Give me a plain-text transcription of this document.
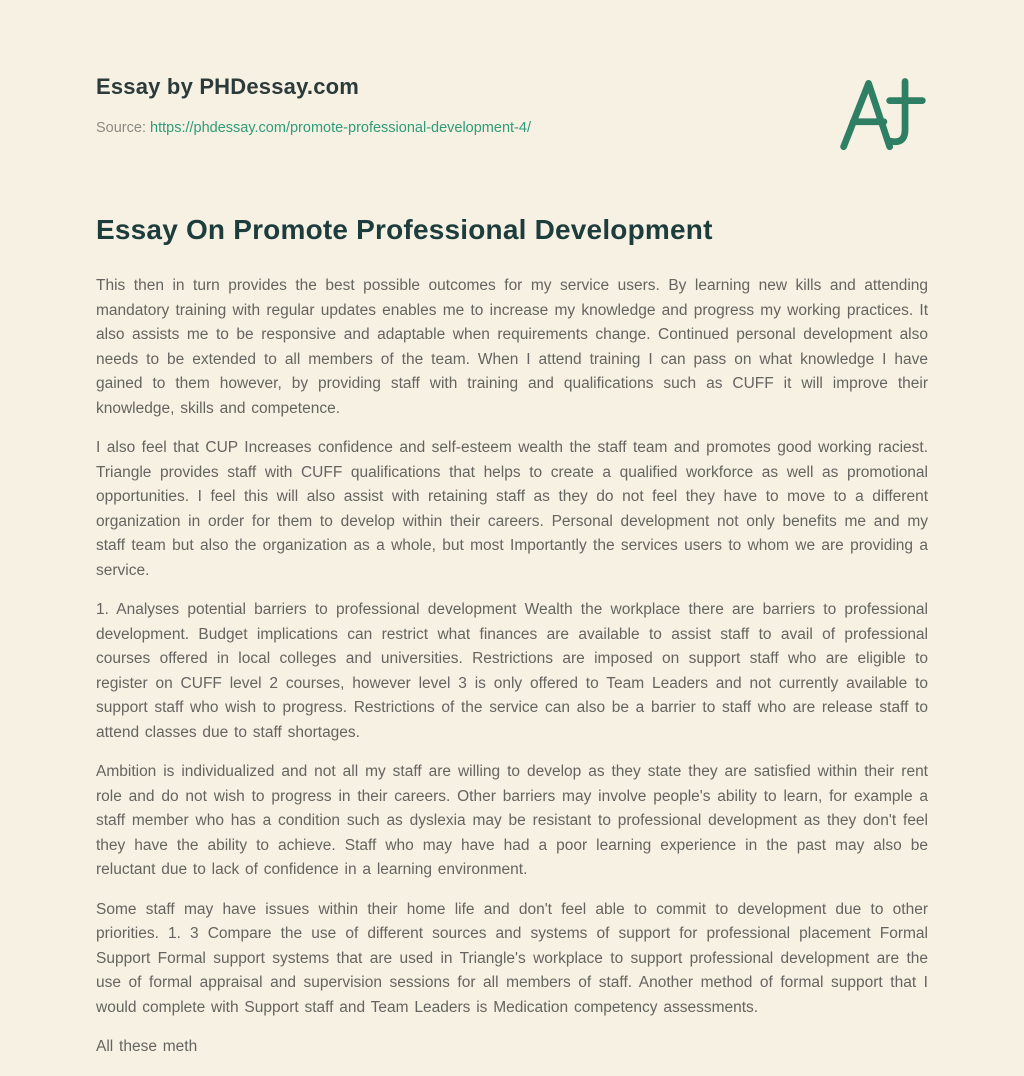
Essay by PHDessay.com

Source: https://phdessay.com/promote-professional-development-4/

Essay On Promote Professional Development

This then in turn provides the best possible outcomes for my service users. By learning new kills and attending mandatory training with regular updates enables me to increase my knowledge and progress my working practices. It also assists me to be responsive and adaptable when requirements change. Continued personal development also needs to be extended to all members of the team. When I attend training I can pass on what knowledge I have gained to them however, by providing staff with training and qualifications such as CUFF it will improve their knowledge, skills and competence.

I also feel that CUP Increases confidence and self-esteem wealth the staff team and promotes good working raciest. Triangle provides staff with CUFF qualifications that helps to create a qualified workforce as well as promotional opportunities. I feel this will also assist with retaining staff as they do not feel they have to move to a different organization in order for them to develop within their careers. Personal development not only benefits me and my staff team but also the organization as a whole, but most Importantly the services users to whom we are providing a service.

1. Analyses potential barriers to professional development Wealth the workplace there are barriers to professional development. Budget implications can restrict what finances are available to assist staff to avail of professional courses offered in local colleges and universities. Restrictions are imposed on support staff who are eligible to register on CUFF level 2 courses, however level 3 is only offered to Team Leaders and not currently available to support staff who wish to progress. Restrictions of the service can also be a barrier to staff who are release staff to attend classes due to staff shortages.

Ambition is individualized and not all my staff are willing to develop as they state they are satisfied within their rent role and do not wish to progress in their careers. Other barriers may involve people's ability to learn, for example a staff member who has a condition such as dyslexia may be resistant to professional development as they don't feel they have the ability to achieve. Staff who may have had a poor learning experience in the past may also be reluctant due to lack of confidence in a learning environment.

Some staff may have issues within their home life and don't feel able to commit to development due to other priorities. 1. 3 Compare the use of different sources and systems of support for professional placement Formal Support Formal support systems that are used in Triangle's workplace to support professional development are the use of formal appraisal and supervision sessions for all members of staff. Another method of formal support that I would complete with Support staff and Team Leaders is Medication competency assessments.

All these meth
